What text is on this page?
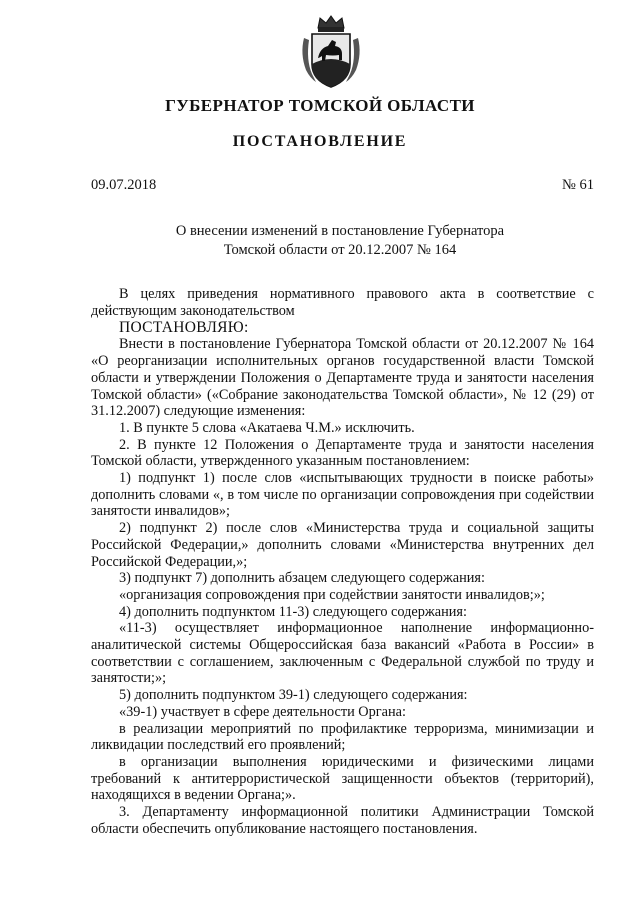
ГУБЕРНАТОР ТОМСКОЙ ОБЛАСТИ
ПОСТАНОВЛЕНИЕ
09.07.2018	№ 61
О внесении изменений в постановление Губернатора
Томской области от 20.12.2007 № 164

В целях приведения нормативного правового акта в соответствие с действующим законодательством

ПОСТАНОВЛЯЮ:

Внести в постановление Губернатора Томской области от 20.12.2007 № 164 «О реорганизации исполнительных органов государственной власти Томской области и утверждении Положения о Департаменте труда и занятости населения Томской области» («Собрание законодательства Томской области», № 12 (29) от 31.12.2007) следующие изменения:

1. В пункте 5 слова «Акатаева Ч.М.» исключить.

2. В пункте 12 Положения о Департаменте труда и занятости населения Томской области, утвержденного указанным постановлением:

1) подпункт 1) после слов «испытывающих трудности в поиске работы» дополнить словами «, в том числе по организации сопровождения при содействии занятости инвалидов»;

2) подпункт 2) после слов «Министерства труда и социальной защиты Российской Федерации,» дополнить словами «Министерства внутренних дел Российской Федерации,»;

3) подпункт 7) дополнить абзацем следующего содержания:

«организация сопровождения при содействии занятости инвалидов;»;

4) дополнить подпунктом 11-3) следующего содержания:

«11-3) осуществляет информационное наполнение информационно-аналитической системы Общероссийская база вакансий «Работа в России» в соответствии с соглашением, заключенным с Федеральной службой по труду и занятости;»;

5) дополнить подпунктом 39-1) следующего содержания:

«39-1) участвует в сфере деятельности Органа:

в реализации мероприятий по профилактике терроризма, минимизации и ликвидации последствий его проявлений;

в организации выполнения юридическими и физическими лицами требований к антитеррористической защищенности объектов (территорий), находящихся в ведении Органа;».

3. Департаменту информационной политики Администрации Томской области обеспечить опубликование настоящего постановления.
